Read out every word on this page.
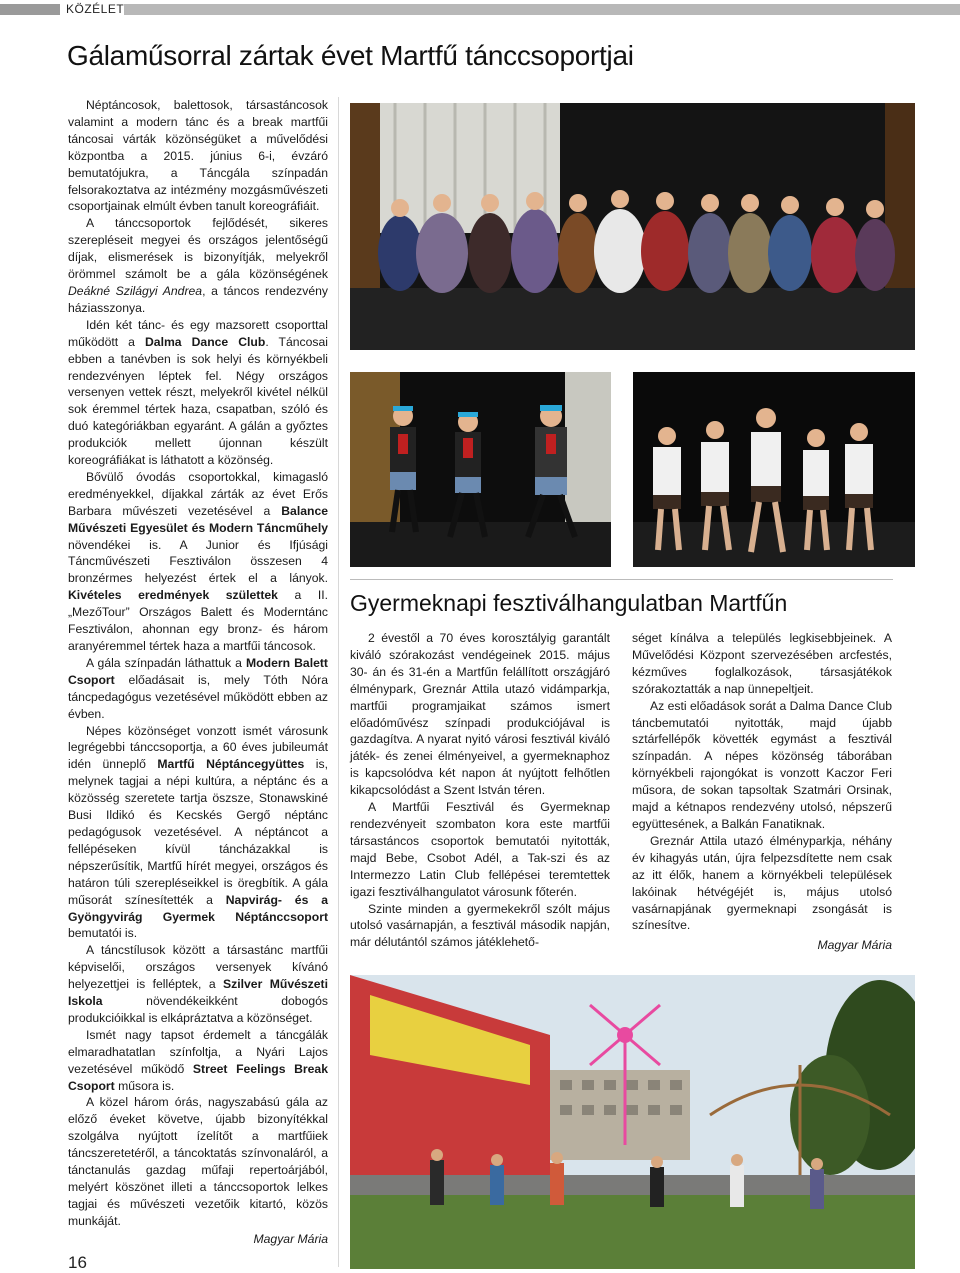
KÖZÉLET
Gálaműsorral zártak évet Martfű tánccsoportjai

Néptáncosok, balettosok, társastáncosok valamint a modern tánc és a break martfűi táncosai várták közönségüket a művelődési központba a 2015. június 6-i, évzáró bemutatójukra, a Táncgála színpadán felsorakoztatva az intézmény mozgásművészeti csoportjainak elmúlt évben tanult koreográfiáit.

A tánccsoportok fejlődését, sikeres szerepléseit megyei és országos jelentőségű díjak, elismerések is bizonyítják, melyekről örömmel számolt be a gála közönségének Deákné Szilágyi Andrea, a táncos rendezvény háziasszonya.

Idén két tánc- és egy mazsorett csoporttal működött a Dalma Dance Club. Táncosai ebben a tanévben is sok helyi és környékbeli rendezvényen léptek fel. Négy országos versenyen vettek részt, melyekről kivétel nélkül sok éremmel tértek haza, csapatban, szóló és duó kategóriákban egyaránt. A gálán a győztes produkciók mellett újonnan készült koreográfiákat is láthatott a közönség.

Bővülő óvodás csoportokkal, kimagasló eredményekkel, díjakkal zárták az évet Erős Barbara művészeti vezetésével a Balance Művészeti Egyesület és Modern Táncműhely növendékei is. A Junior és Ifjúsági Táncművészeti Fesztiválon összesen 4 bronzérmes helyezést értek el a lányok. Kivételes eredmények születtek a II. „MezőTour” Országos Balett és Moderntánc Fesztiválon, ahonnan egy bronz- és három aranyéremmel tértek haza a martfűi táncosok.

A gála színpadán láthattuk a Modern Balett Csoport előadásait is, mely Tóth Nóra táncpedagógus vezetésével működött ebben az évben.

Népes közönséget vonzott ismét városunk legrégebbi tánccsoportja, a 60 éves jubileumát idén ünneplő Martfű Néptáncegyüttes is, melynek tagjai a népi kultúra, a néptánc és a közösség szeretete tartja öszsze, Stonawskiné Busi Ildikó és Kecskés Gergő néptánc pedagógusok vezetésével. A néptáncot a fellépéseken kívül táncházakkal is népszerűsítik, Martfű hírét megyei, országos és határon túli szerepléseikkel is öregbítik. A gála műsorát színesítették a Napvirág- és a Gyöngyvirág Gyermek Néptánccsoport bemutatói is.

A táncstílusok között a társastánc martfűi képviselői, országos versenyek kívánó helyezettjei is felléptek, a Szilver Művészeti Iskola növendékeikként dobogós produkcióikkal is elkápráztatva a közönséget.

Ismét nagy tapsot érdemelt a táncgálák elmaradhatatlan színfoltja, a Nyári Lajos vezetésével működő Street Feelings Break Csoport műsora is.

A közel három órás, nagyszabású gála az előző éveket követve, újabb bizonyítékkal szolgálva nyújtott ízelítőt a martfűiek táncszeretetéről, a táncoktatás színvonaláról, a tánctanulás gazdag műfaji repertoárjából, melyért köszönet illeti a tánccsoportok lelkes tagjai és művészeti vezetőik kitartó, közös munkáját.

Magyar Mária
Gyermeknapi fesztiválhangulatban Martfűn

2 évestől a 70 éves korosztályig garantált kiváló szórakozást vendégeinek 2015. május 30- án és 31-én a Martfűn felállított országjáró élménypark, Greznár Attila utazó vidámparkja, martfűi programjaikat számos ismert előadóművész színpadi produkciójával is gazdagítva. A nyarat nyitó városi fesztivál kiváló játék- és zenei élményeivel, a gyermeknaphoz is kapcsolódva két napon át nyújtott felhőtlen kikapcsolódást a Szent István téren.

A Martfűi Fesztivál és Gyermeknap rendezvényeit szombaton kora este martfűi társastáncos csoportok bemutatói nyitották, majd Bebe, Csobot Adél, a Tak-szi és az Intermezzo Latin Club fellépései teremtettek igazi fesztiválhangulatot városunk főterén.

Szinte minden a gyermekekről szólt május utolsó vasárnapján, a fesztivál második napján, már délutántól számos játéklehető-

séget kínálva a település legkisebbjeinek. A Művelődési Központ szervezésében arcfestés, kézműves foglalkozások, társasjátékok szórakoztatták a nap ünnepeltjeit.

Az esti előadások sorát a Dalma Dance Club táncbemutatói nyitották, majd újabb sztárfellépők követték egymást a fesztivál színpadán. A népes közönség táborában környékbeli rajongókat is vonzott Kaczor Feri műsora, de sokan tapsoltak Szatmári Orsinak, majd a kétnapos rendezvény utolsó, népszerű együttesének, a Balkán Fanatiknak.

Greznár Attila utazó élményparkja, néhány év kihagyás után, újra felpezsdítette nem csak az itt élők, hanem a környékbeli települések lakóinak hétvégéjét is, május utolsó vasárnapjának gyermeknapi zsongását is színesítve.

Magyar Mária
16
